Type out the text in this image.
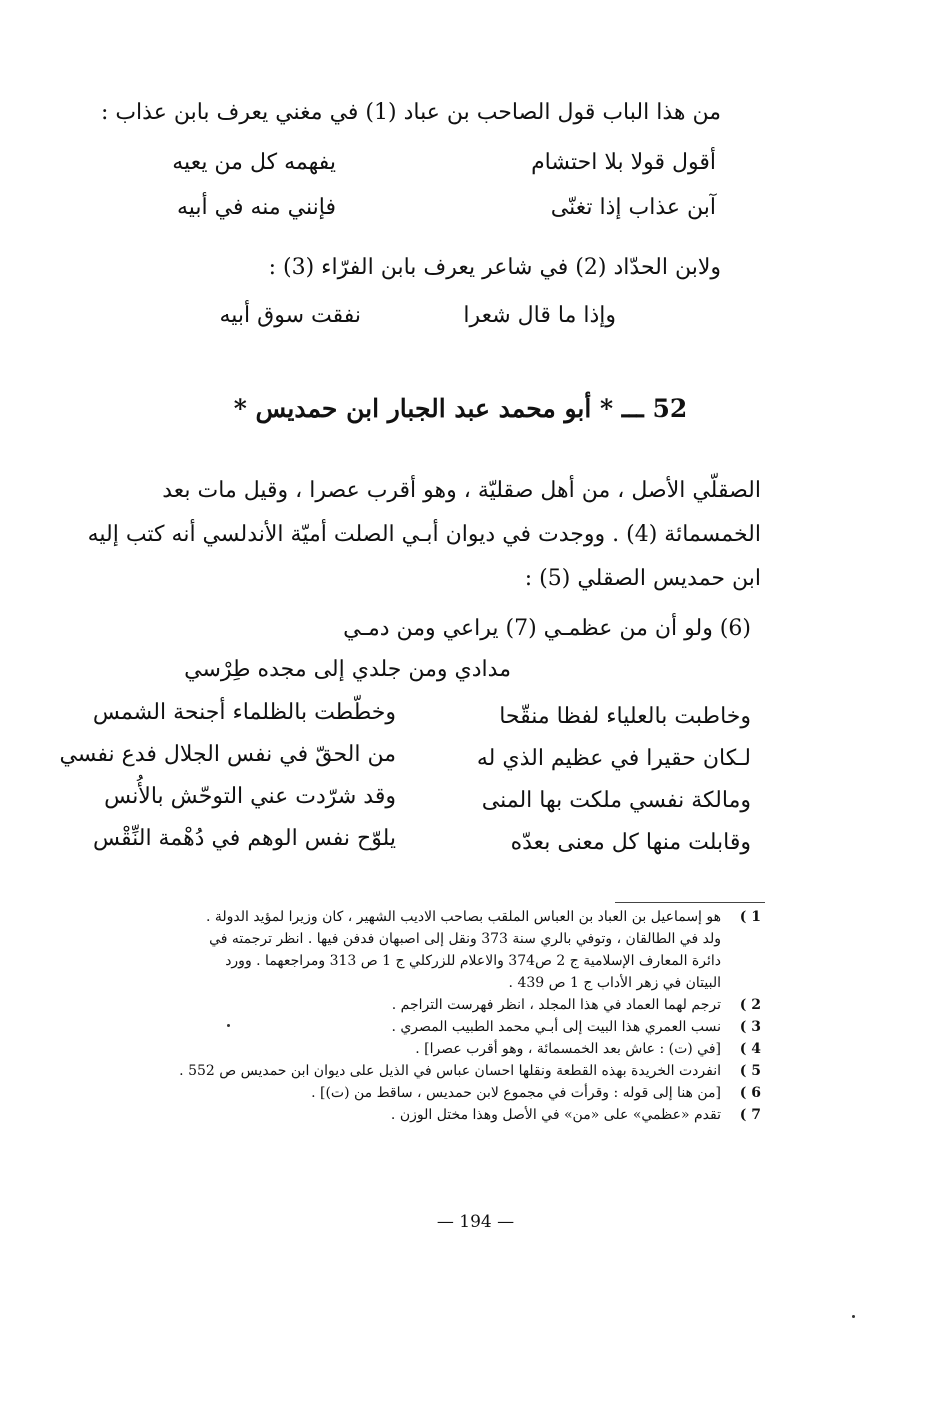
من هذا الباب قول الصاحب بن عباد (1) في مغني يعرف بابن عذاب :
أقول قولا بلا احتشام
يفهمه كل من يعيه
آبن عذاب إذا تغنّى
فإنني منه في أبيه
ولابن الحدّاد (2) في شاعر يعرف بابن الفرّاء (3) :
وإذا ما قال شعرا
نفقت سوق أبيه
52 ـــ * أبو محمد عبد الجبار ابن حمديس *
الصقلّي الأصل ، من أهل صقليّة ، وهو أقرب عصرا ، وقيل مات بعد
الخمسمائة (4) . ووجدت في ديوان أبـي الصلت أميّة الأندلسي أنه كتب إليه
ابن حمديس الصقلي (5) :
(6) ولو أن من عظمـي (7) يراعي ومن دمـي
مدادي ومن جلدي إلى مجده طِرْسي
وخاطبت بالعلياء لفظا منقّحا
وخطّطت بالظلماء أجنحة الشمس
لـكان حقيرا في عظيم الذي له
من الحقّ في نفس الجلال فدع نفسي
ومالكة نفسي ملكت بها المنى
وقد شرّدت عني التوحّش بالأُنس
وقابلت منها كل معنى بعدّه
يلوّح نفس الوهم في دُهْمة النِّقْس
1 )

هو إسماعيل بن العباد بن العباس الملقب بصاحب الاديب الشهير ، كان وزيرا لمؤيد الدولة .

ولد في الطالقان ، وتوفي بالري سنة 373 ونقل إلى اصبهان فدفن فيها . انظر ترجمته في

دائرة المعارف الإسلامية ج 2 ص374 والاعلام للزركلي ج 1 ص 313 ومراجعهما . وورد

البيتان في زهر الأداب ج 1 ص 439 .

2 )

ترجم لهما العماد في هذا المجلد ، انظر فهرست التراجم .

3 )

نسب العمري هذا البيت إلى أبـي محمد الطبيب المصري .

4 )

[في (ت) : عاش بعد الخمسمائة ، وهو أقرب عصرا] .

5 )

انفردت الخريدة بهذه القطعة ونقلها احسان عباس في الذيل على ديوان ابن حمديس ص 552 .

6 )

[من هنا إلى قوله : وقرأت في مجموع لابن حمديس ، ساقط من (ت)] .

7 )

تقدم «عظمي» على «من» في الأصل وهذا مختل الوزن .

— 194 —
